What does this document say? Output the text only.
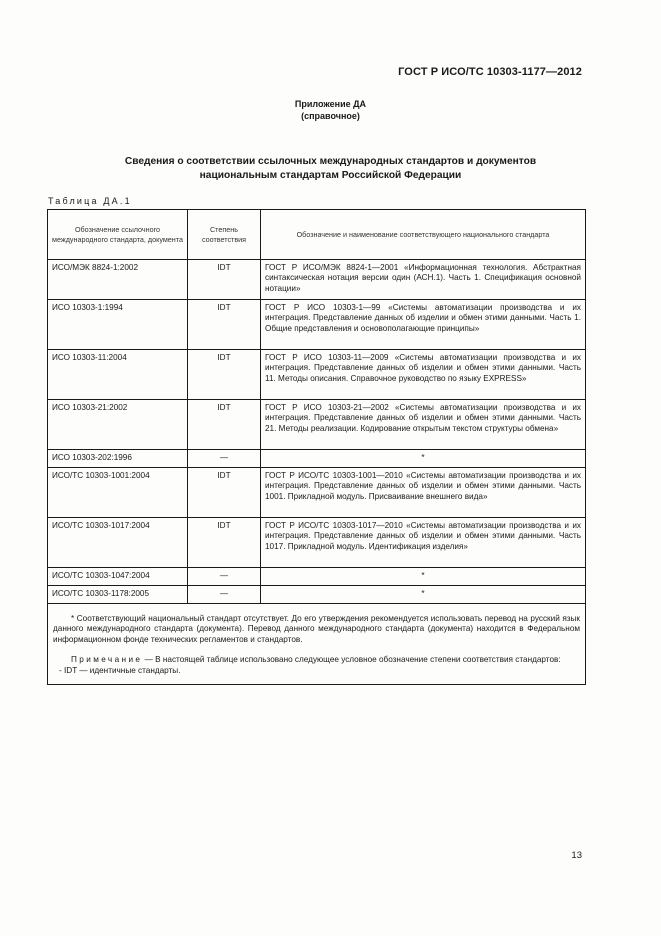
ГОСТ Р ИСО/ТС 10303-1177—2012
Приложение ДА
(справочное)
Сведения о соответствии ссылочных международных стандартов и документов
национальным стандартам Российской Федерации
Таблица ДА.1
Обозначение ссылочного международного стандарта, документа	Степень соответствия	Обозначение и наименование соответствующего национального стандарта
ИСО/МЭК 8824-1:2002	IDT	ГОСТ Р ИСО/МЭК 8824-1—2001 «Информационная технология. Абстрактная синтаксическая нотация версии один (АСН.1). Часть 1. Спецификация основной нотации»
ИСО 10303-1:1994	IDT	ГОСТ Р ИСО 10303-1—99 «Системы автоматизации производства и их интеграция. Представление данных об изделии и обмен этими данными. Часть 1. Общие представления и основополагающие принципы»
ИСО 10303-11:2004	IDT	ГОСТ Р ИСО 10303-11—2009 «Системы автоматизации производства и их интеграция. Представление данных об изделии и обмен этими данными. Часть 11. Методы описания. Справочное руководство по языку EXPRESS»
ИСО 10303-21:2002	IDT	ГОСТ Р ИСО 10303-21—2002 «Системы автоматизации производства и их интеграция. Представление данных об изделии и обмен этими данными. Часть 21. Методы реализации. Кодирование открытым текстом структуры обмена»
ИСО 10303-202:1996	—	*
ИСО/ТС 10303-1001:2004	IDT	ГОСТ Р ИСО/ТС 10303-1001—2010 «Системы автоматизации производства и их интеграция. Представление данных об изделии и обмен этими данными. Часть 1001. Прикладной модуль. Присваивание внешнего вида»
ИСО/ТС 10303-1017:2004	IDT	ГОСТ Р ИСО/ТС 10303-1017—2010 «Системы автоматизации производства и их интеграция. Представление данных об изделии и обмен этими данными. Часть 1017. Прикладной модуль. Идентификация изделия»
ИСО/ТС 10303-1047:2004	—	*
ИСО/ТС 10303-1178:2005	—	*

* Соответствующий национальный стандарт отсутствует. До его утверждения рекомендуется использовать перевод на русский язык данного международного стандарта (документа). Перевод данного международного стандарта (документа) находится в Федеральном информационном фонде технических регламентов и стандартов.

Примечание — В настоящей таблице использовано следующее условное обозначение степени соответствия стандартов:

- IDT — идентичные стандарты.		

13
